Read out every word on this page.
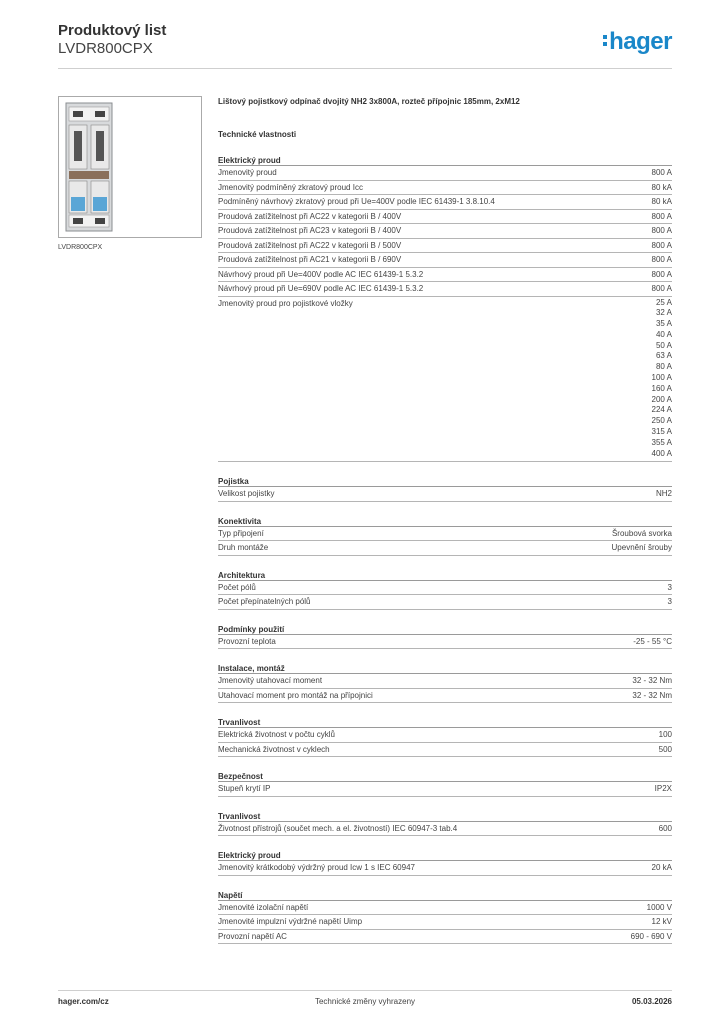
Produktový list
LVDR800CPX	hager
LVDR800CPX
Lištový pojistkový odpínač dvojitý NH2 3x800A, rozteč přípojnic 185mm, 2xM12
Technické vlastnosti
Elektrický proud
Jmenovitý proud	800 A
Jmenovitý podmíněný zkratový proud Icc	80 kA
Podmíněný návrhový zkratový proud při Ue=400V podle IEC 61439-1 3.8.10.4	80 kA
Proudová zatížitelnost při AC22 v kategorii B / 400V	800 A
Proudová zatížitelnost při AC23 v kategorii B / 400V	800 A
Proudová zatížitelnost při AC22 v kategorii B / 500V	800 A
Proudová zatížitelnost při AC21 v kategorii B / 690V	800 A
Návrhový proud při Ue=400V podle AC IEC 61439-1 5.3.2	800 A
Návrhový proud při Ue=690V podle AC IEC 61439-1 5.3.2	800 A
Jmenovitý proud pro pojistkové vložky	25 A
32 A
35 A
40 A
50 A
63 A
80 A
100 A
160 A
200 A
224 A
250 A
315 A
355 A
400 A
Pojistka
Velikost pojistky	NH2
Konektivita
Typ připojení	Šroubová svorka
Druh montáže	Upevnění šrouby
Architektura
Počet pólů	3
Počet přepínatelných pólů	3
Podmínky použití
Provozní teplota	-25 - 55 °C
Instalace, montáž
Jmenovitý utahovací moment	32 - 32 Nm
Utahovací moment pro montáž na přípojnici	32 - 32 Nm
Trvanlivost
Elektrická životnost v počtu cyklů	100
Mechanická životnost v cyklech	500
Bezpečnost
Stupeň krytí IP	IP2X
Trvanlivost
Životnost přístrojů (součet mech. a el. životností) IEC 60947-3 tab.4	600
Elektrický proud
Jmenovitý krátkodobý výdržný proud Icw 1 s IEC 60947	20 kA
Napětí
Jmenovité izolační napětí	1000 V
Jmenovité impulzní výdržné napětí Uimp	12 kV
Provozní napětí AC	690 - 690 V
hager.com/cz	Technické změny vyhrazeny	05.03.2026
